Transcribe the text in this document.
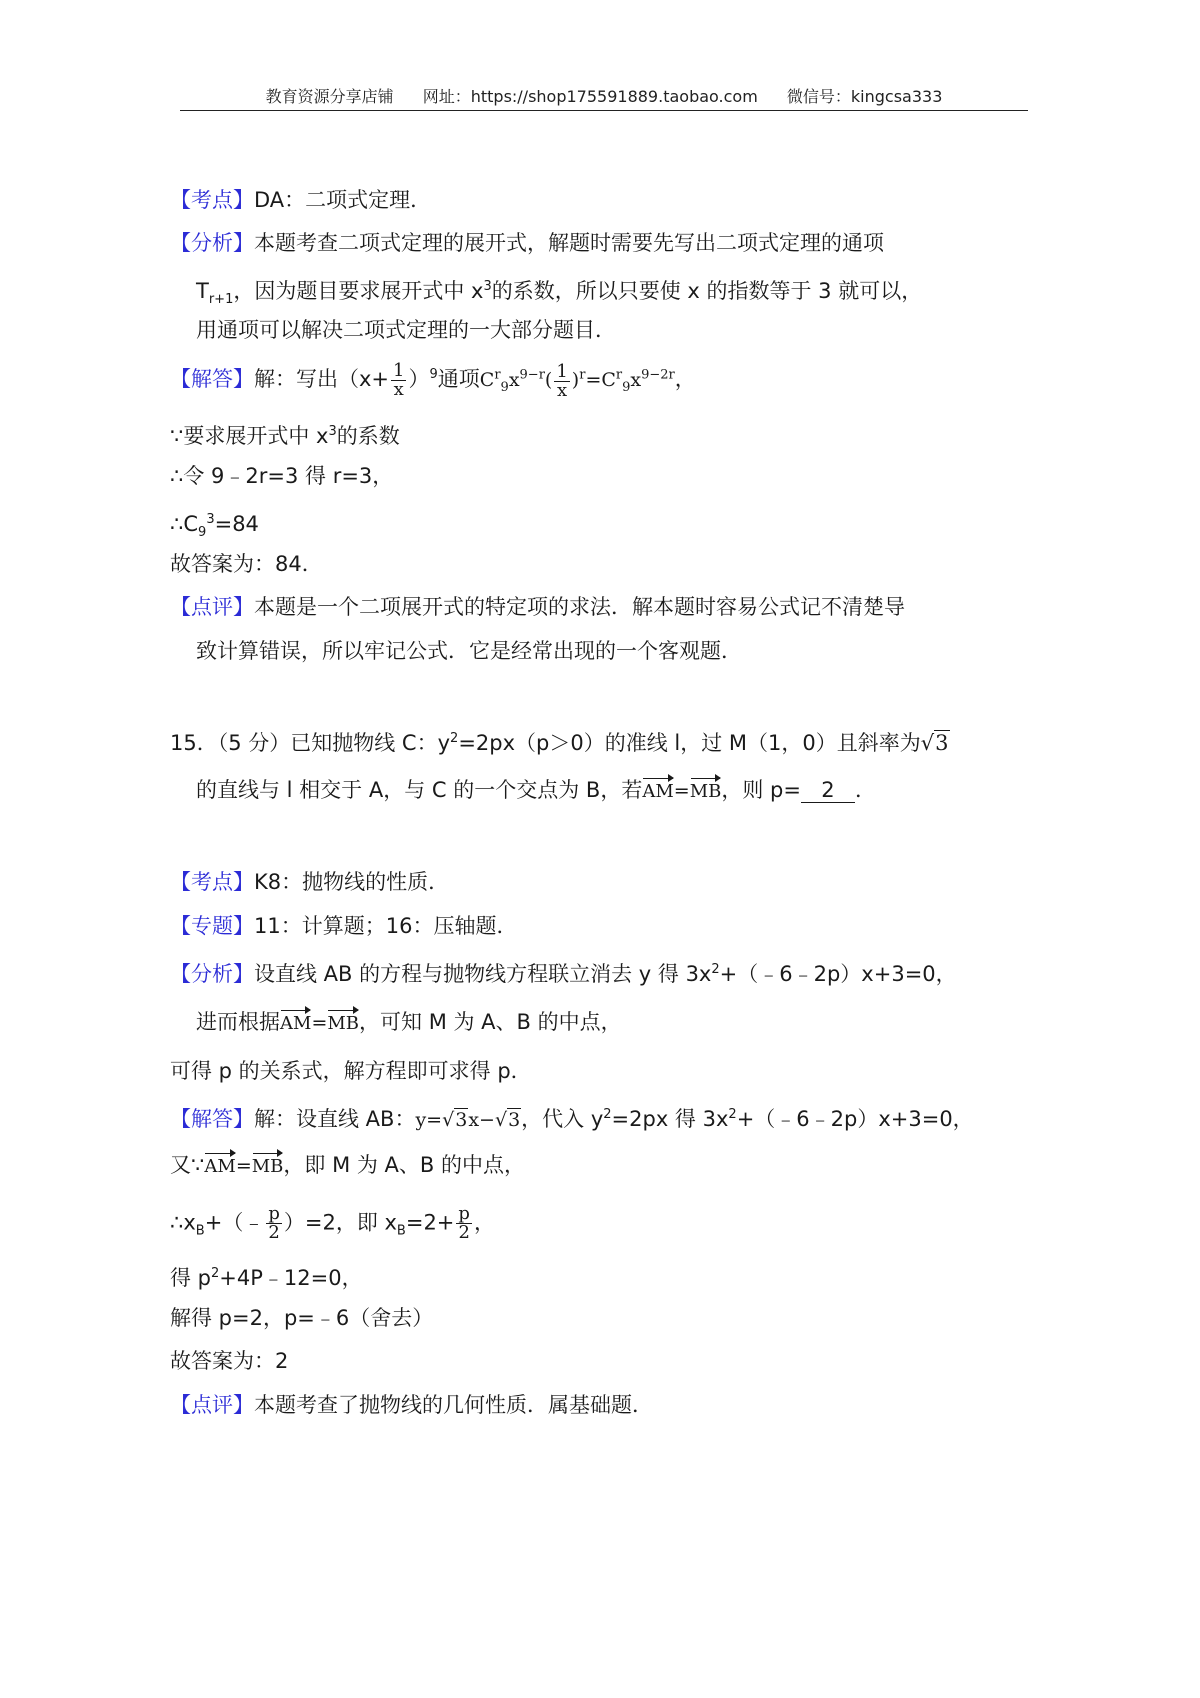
教育资源分享店铺 网址：https://shop175591889.taobao.com 微信号：kingcsa333
【考点】DA：二项式定理．
【分析】本题考查二项式定理的展开式，解题时需要先写出二项式定理的通项
$T_{r+1}$，因为题目要求展开式中 $x^3$的系数，所以只要使 x 的指数等于 3 就可以，
用通项可以解决二项式定理的一大部分题目．
【解答】解：写出$(x+ \frac{1}{x} )^9$通项$C^r_9x^{9-r}( \frac{1}{x} )^r=C^r_9x^{9-2r}$，
∵要求展开式中 $x^3$的系数
∴令 9﹣2r=3 得 r=3，
$\therefore C_9^3=84$
故答案为：84．
【点评】本题是一个二项展开式的特定项的求法．解本题时容易公式记不清楚导
致计算错误，所以牢记公式．它是经常出现的一个客观题．
15．（5 分）已知抛物线 C：$y^2=2px(p>0)$的准线 l，过 M（1，0）且斜率为√3
的直线与 l 相交于 A，与 C 的一个交点为 B，若AM=MB，则 p= 2 ．
【考点】K8：抛物线的性质．
【专题】11：计算题；16：压轴题．
【分析】设直线 AB 的方程与抛物线方程联立消去 y 得 $3x^2+(﹣6﹣2p)x+3=0$，
进而根据AM=MB，可知 M 为 A、B 的中点，
可得 p 的关系式，解方程即可求得 p．
【解答】解：设直线 AB：y=√3x−√3，代入 $y^2=2px$ 得 $3x^2+(﹣6﹣2p)x+3=0$，
又∵AM=MB，即 M 为 A、B 的中点，
$\therefore x_B+(﹣ \frac{p}{2} )=2$，即 $x_B=2+ \frac{p}{2}$ ，
得 $p^2+4P﹣12=0$，
解得 p=2，p=﹣6（舍去）
故答案为：2
【点评】本题考查了抛物线的几何性质．属基础题．
